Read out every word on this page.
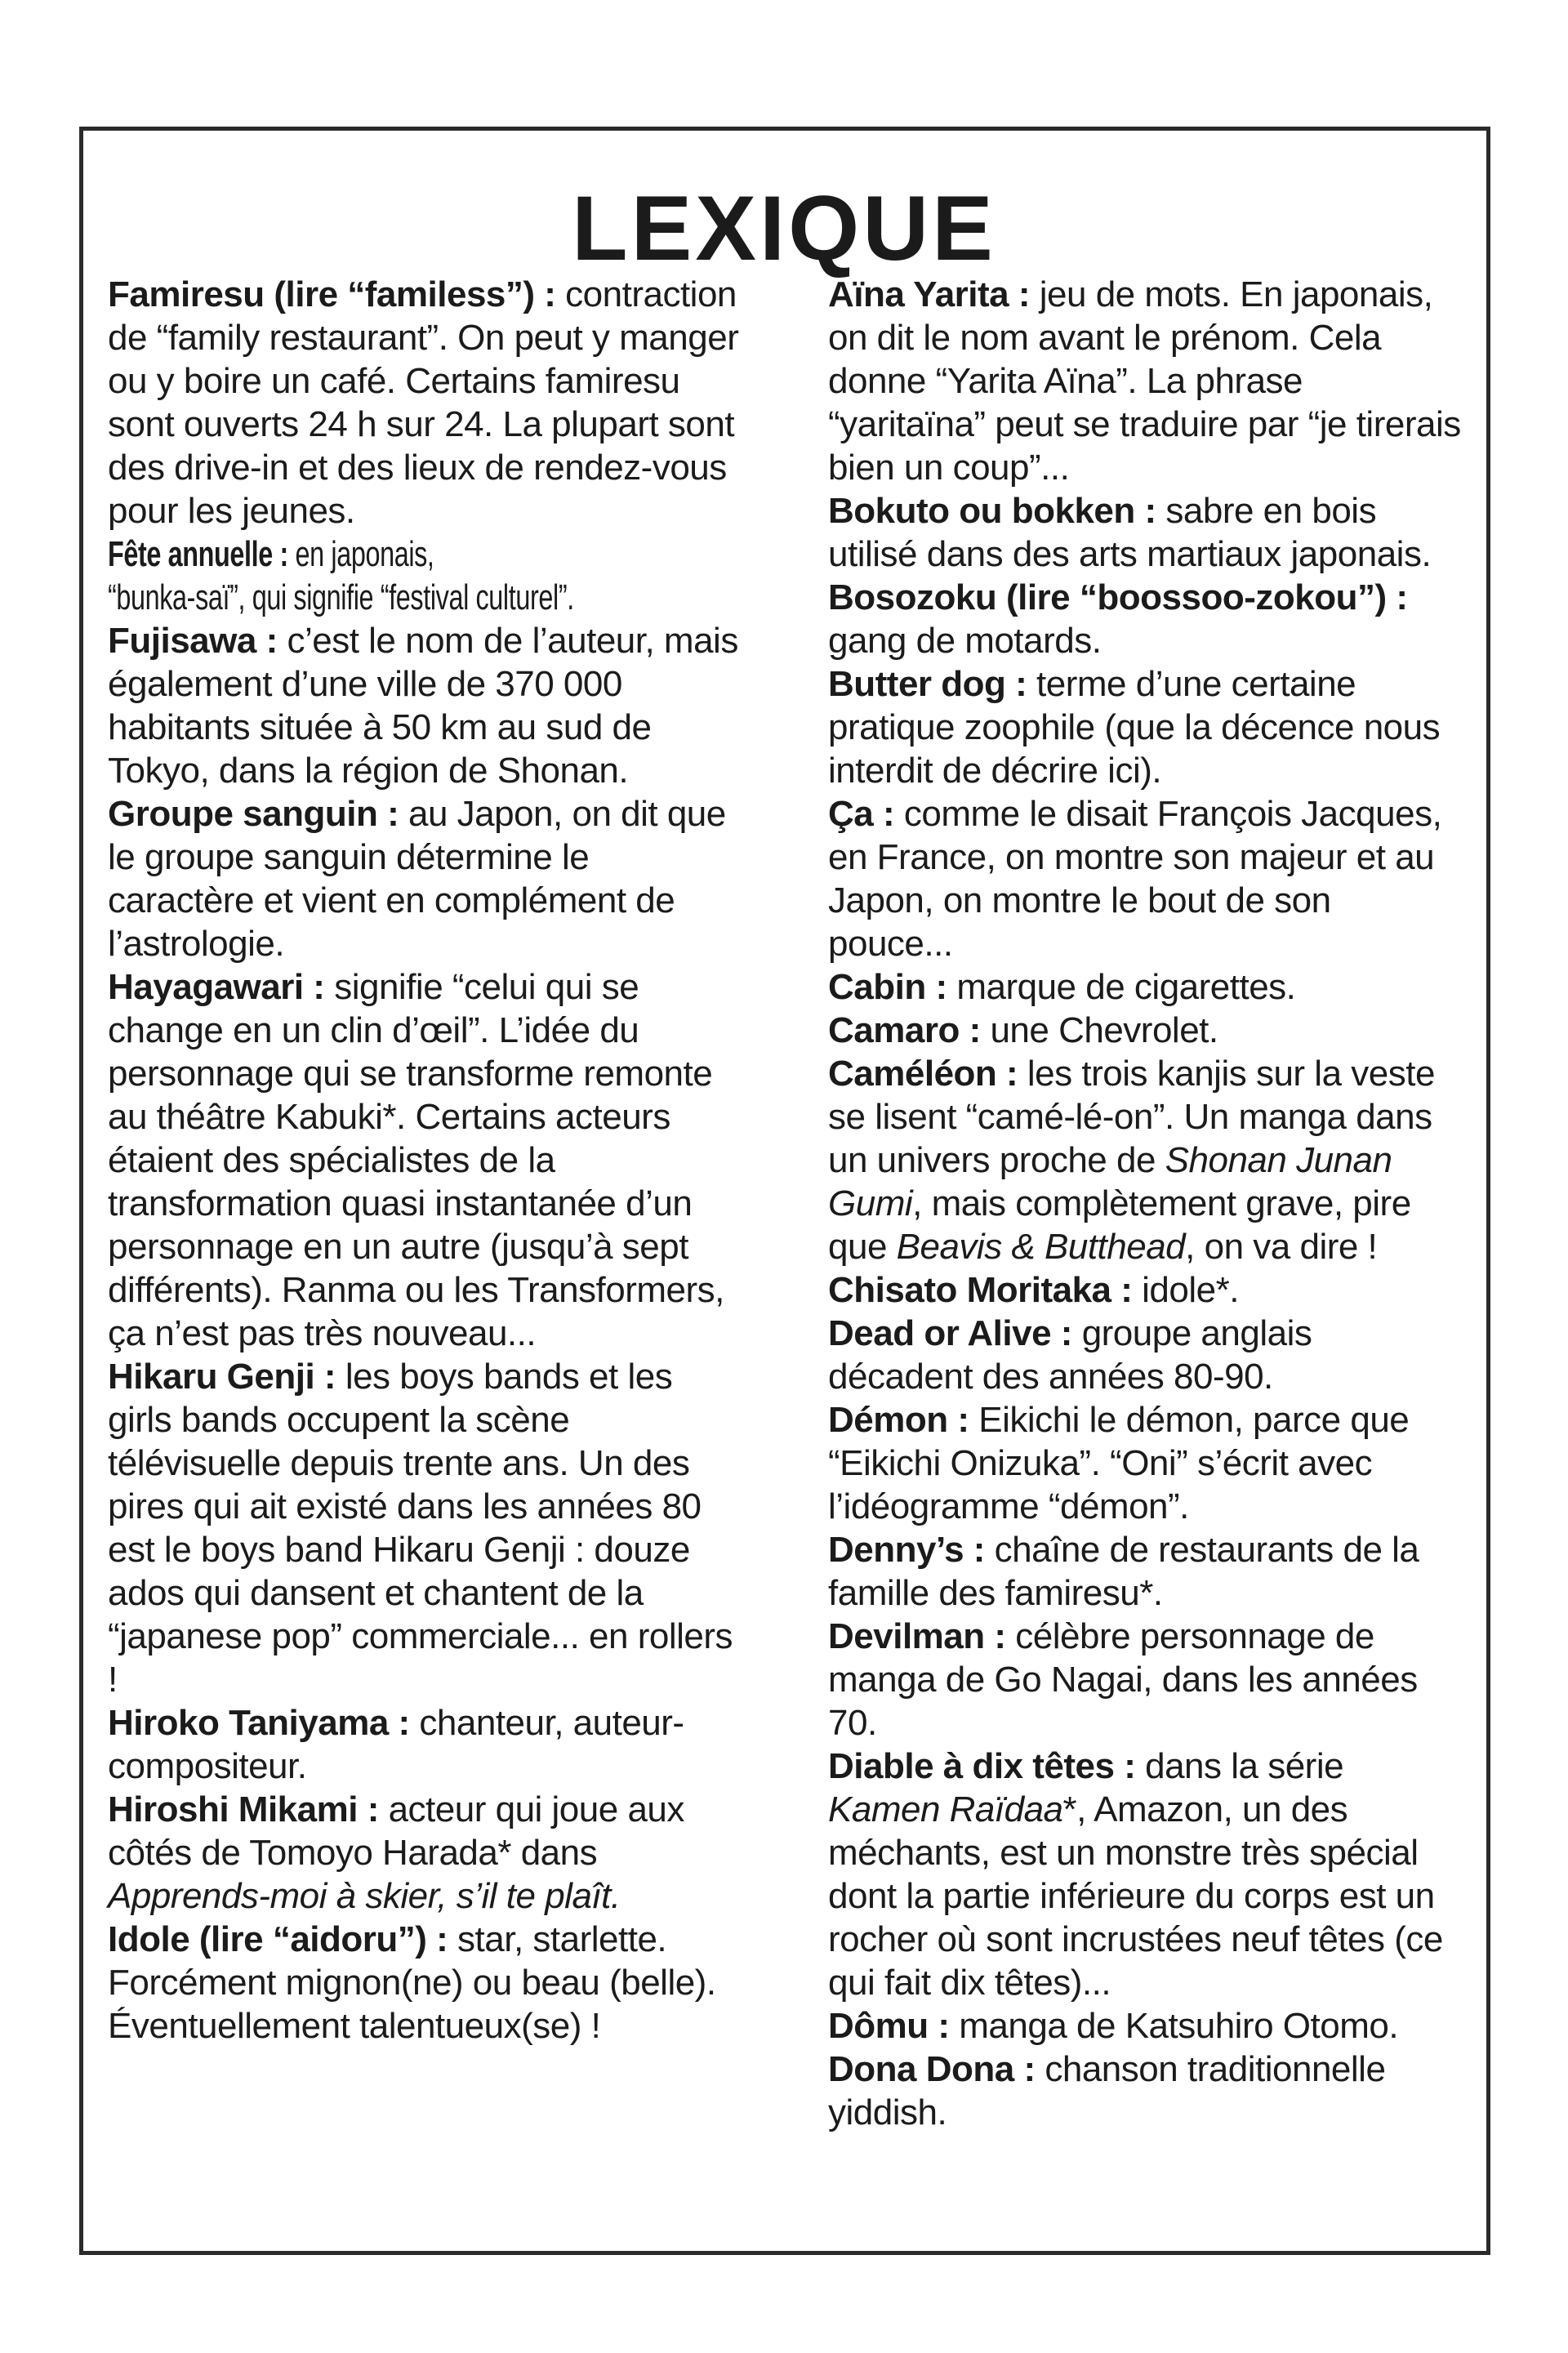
LEXIQUE

Famiresu (lire “familess”) : contraction de “family restaurant”. On peut y manger ou y boire un café. Certains famiresu sont ouverts 24 h sur 24. La plupart sont des drive-in et des lieux de rendez-vous pour les jeunes.

Fête annuelle : en japonais,
“bunka-saï”, qui signifie “festival culturel”.

Fujisawa : c’est le nom de l’auteur, mais également d’une ville de 370 000 habitants située à 50 km au sud de Tokyo, dans la région de Shonan.

Groupe sanguin : au Japon, on dit que le groupe sanguin détermine le caractère et vient en complément de l’astrologie.

Hayagawari : signifie “celui qui se change en un clin d’œil”. L’idée du personnage qui se transforme remonte au théâtre Kabuki*. Certains acteurs étaient des spécialistes de la transformation quasi instantanée d’un personnage en un autre (jusqu’à sept différents). Ranma ou les Transformers, ça n’est pas très nouveau...

Hikaru Genji : les boys bands et les girls bands occupent la scène télévisuelle depuis trente ans. Un des pires qui ait existé dans les années 80 est le boys band Hikaru Genji : douze ados qui dansent et chantent de la “japanese pop” commerciale... en rollers !

Hiroko Taniyama : chanteur, auteur-compositeur.

Hiroshi Mikami : acteur qui joue aux côtés de Tomoyo Harada* dans Apprends-moi à skier, s’il te plaît.

Idole (lire “aidoru”) : star, starlette. Forcément mignon(ne) ou beau (belle). Éventuellement talentueux(se) !

Aïna Yarita : jeu de mots. En japonais, on dit le nom avant le prénom. Cela donne “Yarita Aïna”. La phrase “yaritaïna” peut se traduire par “je tirerais bien un coup”...

Bokuto ou bokken : sabre en bois utilisé dans des arts martiaux japonais.

Bosozoku (lire “boossoo-zokou”) : gang de motards.

Butter dog : terme d’une certaine pratique zoophile (que la décence nous interdit de décrire ici).

Ça : comme le disait François Jacques, en France, on montre son majeur et au Japon, on montre le bout de son pouce...

Cabin : marque de cigarettes.

Camaro : une Chevrolet.

Caméléon : les trois kanjis sur la veste se lisent “camé-lé-on”. Un manga dans un univers proche de Shonan Junan Gumi, mais complètement grave, pire que Beavis & Butthead, on va dire !

Chisato Moritaka : idole*.

Dead or Alive : groupe anglais décadent des années 80-90.

Démon : Eikichi le démon, parce que “Eikichi Onizuka”. “Oni” s’écrit avec l’idéogramme “démon”.

Denny’s : chaîne de restaurants de la famille des famiresu*.

Devilman : célèbre personnage de manga de Go Nagai, dans les années 70.

Diable à dix têtes : dans la série Kamen Raïdaa*, Amazon, un des méchants, est un monstre très spécial dont la partie inférieure du corps est un rocher où sont incrustées neuf têtes (ce qui fait dix têtes)...

Dômu : manga de Katsuhiro Otomo.

Dona Dona : chanson traditionnelle yiddish.
